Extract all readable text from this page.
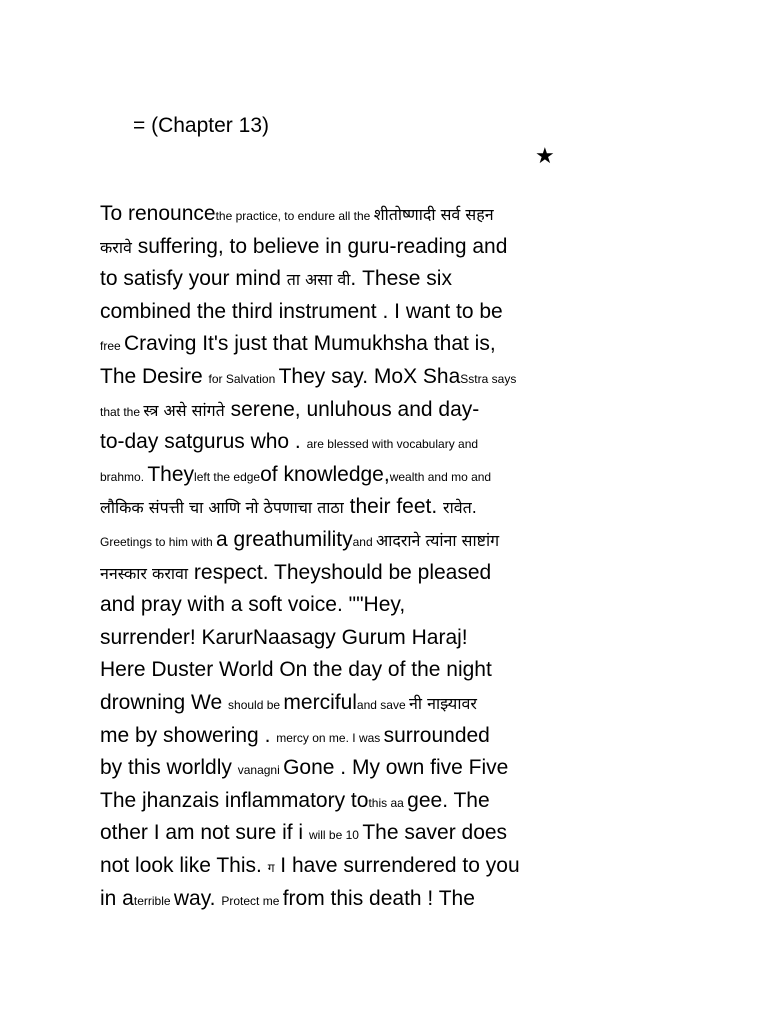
= (Chapter 13)
★
To renouncethe practice, to endure all the शीतोष्णादी सर्व सहन
करावे suffering, to believe in guru-reading and
to satisfy your mind ता असा वी. These six
combined the third instrument . I want to be
free Craving It's just that Mumukhsha that is,
The Desire for Salvation They say. MoX ShaSstra says
that the स्त्र असे सांगते serene, unluhous and day-
to-day satgurus who . are blessed with vocabulary and
brahmo. Theyleft the edgeof knowledge,wealth and mo and
लौकिक संपत्ती चा आणि नो ठेपणाचा ताठा their feet. रावेत.
Greetings to him with a greathumilityand आदराने त्यांना साष्टांग
ननस्कार करावा respect. Theyshould be pleased
and pray with a soft voice. ""Hey,
surrender! KarurNaasagy Gurum Haraj!
Here Duster World On the day of the night
drowning We should be mercifuland save नी नाझ्यावर
me by showering . mercy on me. I was surrounded
by this worldly vanagni Gone . My own five Five
The jhanzais inflammatory tothis aa gee. The
other I am not sure if i will be 10 The saver does
not look like This. ग I have surrendered to you
in aterrible way. Protect me from this death ! The
